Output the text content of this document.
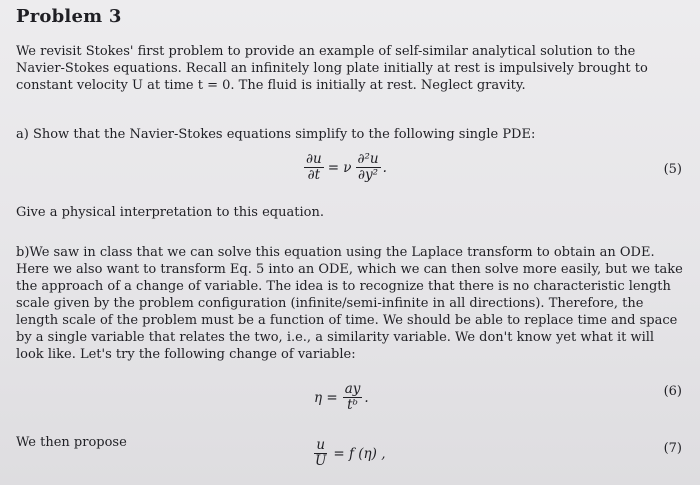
Problem 3

We revisit Stokes' first problem to provide an example of self-similar analytical solution to the Navier-Stokes equations. Recall an infinitely long plate initially at rest is impulsively brought to constant velocity U at time t = 0. The fluid is initially at rest. Neglect gravity.

a) Show that the Navier-Stokes equations simplify to the following single PDE:

$\frac{\partial u}{\partial t} = \nu \frac{\text{∂²u}}{\text{∂y²}}$ .	(5)

Give a physical interpretation to this equation.

b)We saw in class that we can solve this equation using the Laplace transform to obtain an ODE. Here we also want to transform Eq. 5 into an ODE, which we can then solve more easily, but we take the approach of a change of variable. The idea is to recognize that there is no characteristic length scale given by the problem configuration (infinite/semi-infinite in all directions). Therefore, the length scale of the problem must be a function of time. We should be able to replace time and space by a single variable that relates the two, i.e., a similarity variable. We don't know yet what it will look like. Let's try the following change of variable:

$\eta = \frac{ay}{\text{tᵇ}}$ .	(6)

We then propose	$\frac{u}{U} = f$ (η) ,	(7)
